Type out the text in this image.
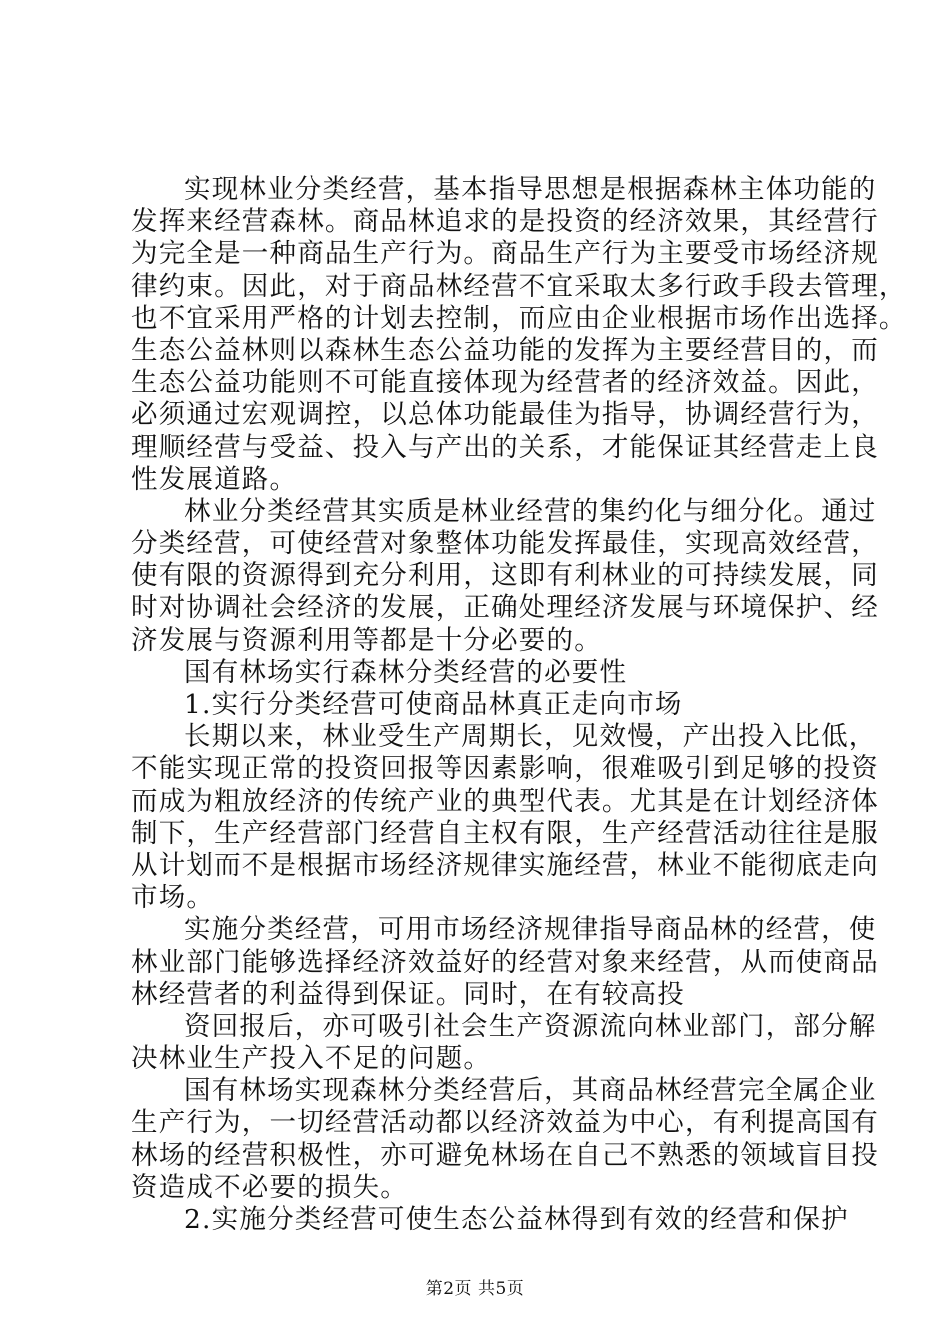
实现林业分类经营，基本指导思想是根据森林主体功能的
发挥来经营森林。商品林追求的是投资的经济效果，其经营行
为完全是一种商品生产行为。商品生产行为主要受市场经济规
律约束。因此，对于商品林经营不宜采取太多行政手段去管理，
也不宜采用严格的计划去控制，而应由企业根据市场作出选择。
生态公益林则以森林生态公益功能的发挥为主要经营目的，而
生态公益功能则不可能直接体现为经营者的经济效益。因此，
必须通过宏观调控，以总体功能最佳为指导，协调经营行为，
理顺经营与受益、投入与产出的关系，才能保证其经营走上良
性发展道路。
林业分类经营其实质是林业经营的集约化与细分化。通过
分类经营，可使经营对象整体功能发挥最佳，实现高效经营，
使有限的资源得到充分利用，这即有利林业的可持续发展，同
时对协调社会经济的发展，正确处理经济发展与环境保护、经
济发展与资源利用等都是十分必要的。
国有林场实行森林分类经营的必要性
1.实行分类经营可使商品林真正走向市场
长期以来，林业受生产周期长，见效慢，产出投入比低，
不能实现正常的投资回报等因素影响，很难吸引到足够的投资
而成为粗放经济的传统产业的典型代表。尤其是在计划经济体
制下，生产经营部门经营自主权有限，生产经营活动往往是服
从计划而不是根据市场经济规律实施经营，林业不能彻底走向
市场。
实施分类经营，可用市场经济规律指导商品林的经营，使
林业部门能够选择经济效益好的经营对象来经营，从而使商品
林经营者的利益得到保证。同时，在有较高投
资回报后，亦可吸引社会生产资源流向林业部门，部分解
决林业生产投入不足的问题。
国有林场实现森林分类经营后，其商品林经营完全属企业
生产行为，一切经营活动都以经济效益为中心，有利提高国有
林场的经营积极性，亦可避免林场在自己不熟悉的领域盲目投
资造成不必要的损失。
2.实施分类经营可使生态公益林得到有效的经营和保护
第2页 共5页
